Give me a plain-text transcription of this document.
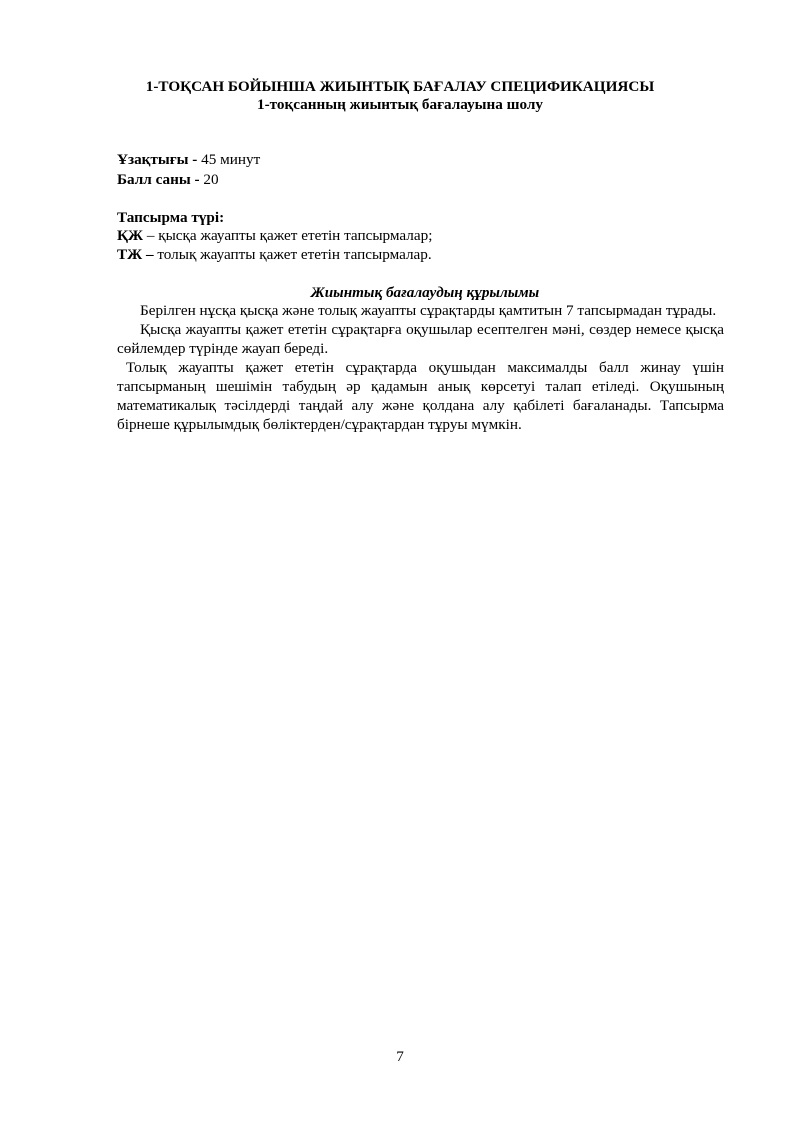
1-ТОҚСАН БОЙЫНША ЖИЫНТЫҚ БАҒАЛАУ СПЕЦИФИКАЦИЯСЫ
1-тоқсанның жиынтық бағалауына шолу
Ұзақтығы - 45 минут
Балл саны - 20
Тапсырма түрі:
ҚЖ – қысқа жауапты қажет ететін тапсырмалар;
ТЖ – толық жауапты қажет ететін тапсырмалар.
Жиынтық бағалаудың құрылымы

Берілген нұсқа қысқа және толық жауапты сұрақтарды қамтитын 7 тапсырмадан тұрады.

Қысқа жауапты қажет ететін сұрақтарға оқушылар есептелген мәні, сөздер немесе қысқа сөйлемдер түрінде жауап береді.

Толық жауапты қажет ететін сұрақтарда оқушыдан максималды балл жинау үшін тапсырманың шешімін табудың әр қадамын анық көрсетуі талап етіледі. Оқушының математикалық тәсілдерді таңдай алу және қолдана алу қабілеті бағаланады. Тапсырма бірнеше құрылымдық бөліктерден/сұрақтардан тұруы мүмкін.

7
